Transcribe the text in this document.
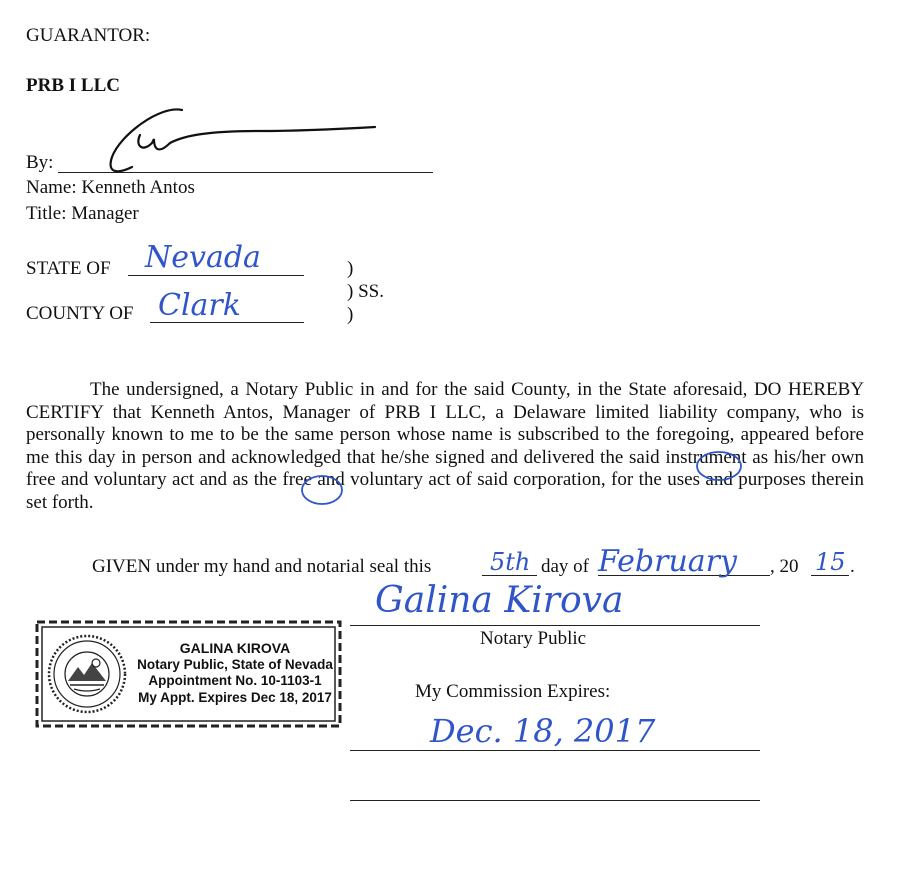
GUARANTOR:
PRB I LLC
By:
Name: Kenneth Antos
Title: Manager
STATE OF Nevada
COUNTY OF Clark
)
) SS.
)

The undersigned, a Notary Public in and for the said County, in the State aforesaid, DO HEREBY CERTIFY that Kenneth Antos, Manager of PRB I LLC, a Delaware limited liability company, who is personally known to me to be the same person whose name is subscribed to the foregoing, appeared before me this day in person and acknowledged that he/she signed and delivered the said instrument as his/her own free and voluntary act and as the free and voluntary act of said corporation, for the uses and purposes therein set forth.

GIVEN under my hand and notarial seal this 5th day of February , 20 15 .
Galina Kirova
Notary Public
My Commission Expires:
Dec. 18, 2017
GALINA KIROVA
Notary Public, State of Nevada
Appointment No. 10-1103-1
My Appt. Expires Dec 18, 2017
